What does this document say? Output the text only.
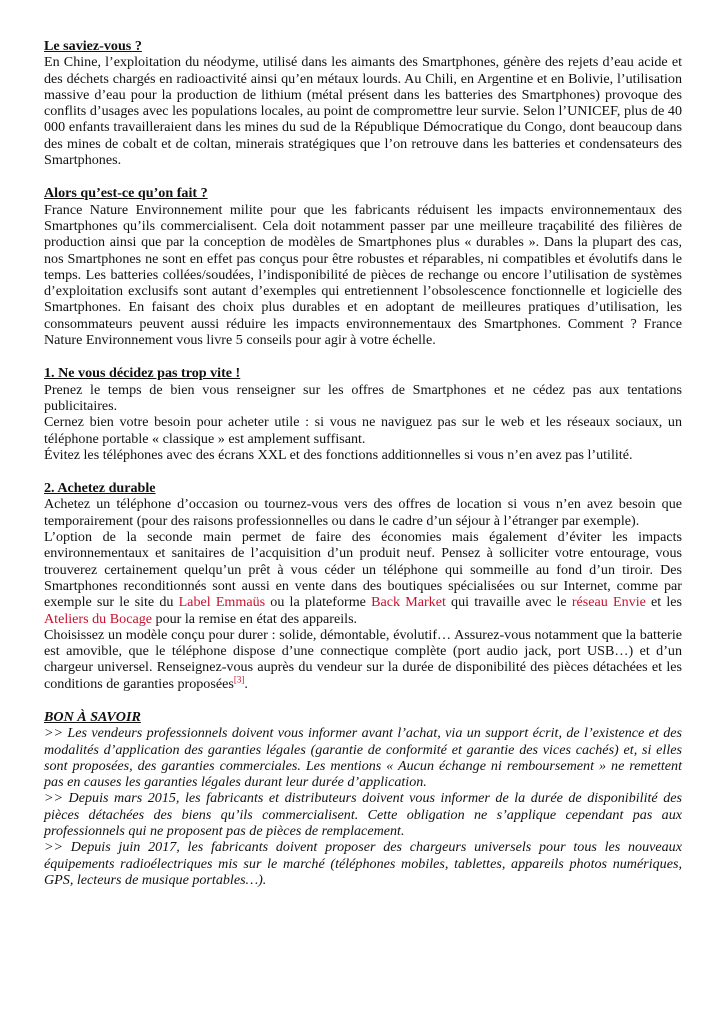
Le saviez-vous ?

En Chine, l’exploitation du néodyme, utilisé dans les aimants des Smartphones, génère des rejets d’eau acide et des déchets chargés en radioactivité ainsi qu’en métaux lourds. Au Chili, en Argentine et en Bolivie, l’utilisation massive d’eau pour la production de lithium (métal présent dans les batteries des Smartphones) provoque des conflits d’usages avec les populations locales, au point de compromettre leur survie. Selon l’UNICEF, plus de 40 000 enfants travailleraient dans les mines du sud de la République Démocratique du Congo, dont beaucoup dans des mines de cobalt et de coltan, minerais stratégiques que l’on retrouve dans les batteries et condensateurs des Smartphones.

Alors qu’est-ce qu’on fait ?

France Nature Environnement milite pour que les fabricants réduisent les impacts environnementaux des Smartphones qu’ils commercialisent. Cela doit notamment passer par une meilleure traçabilité des filières de production ainsi que par la conception de modèles de Smartphones plus « durables ». Dans la plupart des cas, nos Smartphones ne sont en effet pas conçus pour être robustes et réparables, ni compatibles et évolutifs dans le temps. Les batteries collées/soudées, l’indisponibilité de pièces de rechange ou encore l’utilisation de systèmes d’exploitation exclusifs sont autant d’exemples qui entretiennent l’obsolescence fonctionnelle et logicielle des Smartphones. En faisant des choix plus durables et en adoptant de meilleures pratiques d’utilisation, les consommateurs peuvent aussi réduire les impacts environnementaux des Smartphones. Comment ? France Nature Environnement vous livre 5 conseils pour agir à votre échelle.

1. Ne vous décidez pas trop vite !

Prenez le temps de bien vous renseigner sur les offres de Smartphones et ne cédez pas aux tentations publicitaires.

Cernez bien votre besoin pour acheter utile : si vous ne naviguez pas sur le web et les réseaux sociaux, un téléphone portable « classique » est amplement suffisant.

Évitez les téléphones avec des écrans XXL et des fonctions additionnelles si vous n’en avez pas l’utilité.

2. Achetez durable

Achetez un téléphone d’occasion ou tournez-vous vers des offres de location si vous n’en avez besoin que temporairement (pour des raisons professionnelles ou dans le cadre d’un séjour à l’étranger par exemple).

L’option de la seconde main permet de faire des économies mais également d’éviter les impacts environnementaux et sanitaires de l’acquisition d’un produit neuf. Pensez à solliciter votre entourage, vous trouverez certainement quelqu’un prêt à vous céder un téléphone qui sommeille au fond d’un tiroir. Des Smartphones reconditionnés sont aussi en vente dans des boutiques spécialisées ou sur Internet, comme par exemple sur le site du Label Emmaüs ou la plateforme Back Market qui travaille avec le réseau Envie et les Ateliers du Bocage pour la remise en état des appareils.

Choisissez un modèle conçu pour durer : solide, démontable, évolutif… Assurez-vous notamment que la batterie est amovible, que le téléphone dispose d’une connectique complète (port audio jack, port USB…) et d’un chargeur universel. Renseignez-vous auprès du vendeur sur la durée de disponibilité des pièces détachées et les conditions de garanties proposées[3].

BON À SAVOIR

>> Les vendeurs professionnels doivent vous informer avant l’achat, via un support écrit, de l’existence et des modalités d’application des garanties légales (garantie de conformité et garantie des vices cachés) et, si elles sont proposées, des garanties commerciales. Les mentions « Aucun échange ni remboursement » ne remettent pas en causes les garanties légales durant leur durée d’application.

>> Depuis mars 2015, les fabricants et distributeurs doivent vous informer de la durée de disponibilité des pièces détachées des biens qu’ils commercialisent. Cette obligation ne s’applique cependant pas aux professionnels qui ne proposent pas de pièces de remplacement.

>> Depuis juin 2017, les fabricants doivent proposer des chargeurs universels pour tous les nouveaux équipements radioélectriques mis sur le marché (téléphones mobiles, tablettes, appareils photos numériques, GPS, lecteurs de musique portables…).
